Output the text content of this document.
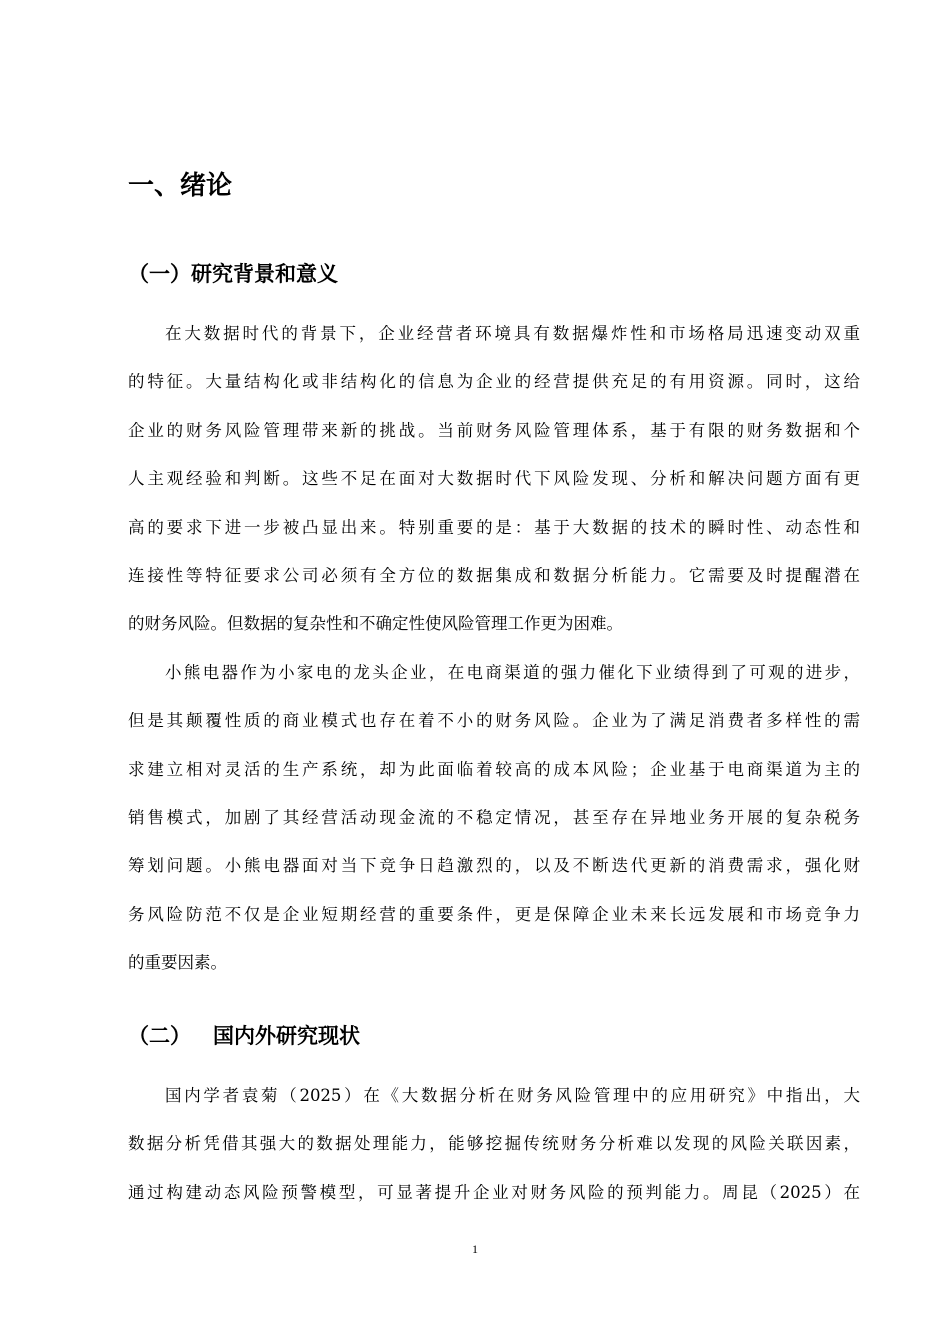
一、绪论
（一）研究背景和意义
在大数据时代的背景下，企业经营者环境具有数据爆炸性和市场格局迅速变动双重
的特征。大量结构化或非结构化的信息为企业的经营提供充足的有用资源。同时，这给
企业的财务风险管理带来新的挑战。当前财务风险管理体系，基于有限的财务数据和个
人主观经验和判断。这些不足在面对大数据时代下风险发现、分析和解决问题方面有更
高的要求下进一步被凸显出来。特别重要的是：基于大数据的技术的瞬时性、动态性和
连接性等特征要求公司必须有全方位的数据集成和数据分析能力。它需要及时提醒潜在
的财务风险。但数据的复杂性和不确定性使风险管理工作更为困难。
小熊电器作为小家电的龙头企业，在电商渠道的强力催化下业绩得到了可观的进步，
但是其颠覆性质的商业模式也存在着不小的财务风险。企业为了满足消费者多样性的需
求建立相对灵活的生产系统，却为此面临着较高的成本风险；企业基于电商渠道为主的
销售模式，加剧了其经营活动现金流的不稳定情况，甚至存在异地业务开展的复杂税务
筹划问题。小熊电器面对当下竞争日趋激烈的，以及不断迭代更新的消费需求，强化财
务风险防范不仅是企业短期经营的重要条件，更是保障企业未来长远发展和市场竞争力
的重要因素。
（二） 国内外研究现状
国内学者袁菊（2025）在《大数据分析在财务风险管理中的应用研究》中指出，大
数据分析凭借其强大的数据处理能力，能够挖掘传统财务分析难以发现的风险关联因素，
通过构建动态风险预警模型，可显著提升企业对财务风险的预判能力。周昆（2025）在
1
